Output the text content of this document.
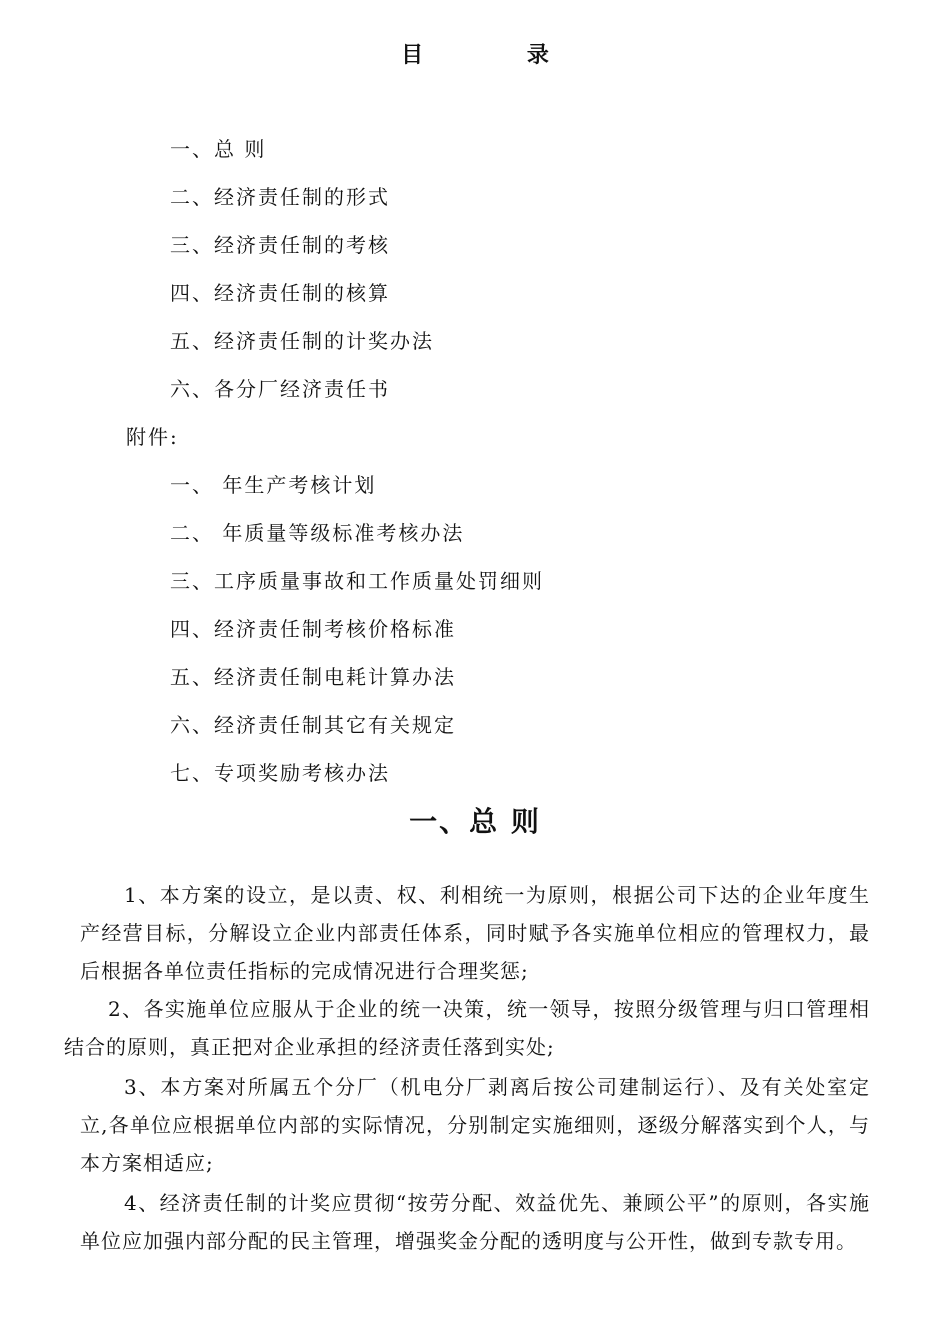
目 录
一、总 则
二、经济责任制的形式
三、经济责任制的考核
四、经济责任制的核算
五、经济责任制的计奖办法
六、各分厂经济责任书
附件:
一、 年生产考核计划
二、 年质量等级标准考核办法
三、工序质量事故和工作质量处罚细则
四、经济责任制考核价格标准
五、经济责任制电耗计算办法
六、经济责任制其它有关规定
七、专项奖励考核办法
一、总 则
1、本方案的设立，是以责、权、利相统一为原则，根据公司下达的企业年度生产经营目标，分解设立企业内部责任体系，同时赋予各实施单位相应的管理权力，最后根据各单位责任指标的完成情况进行合理奖惩;
2、各实施单位应服从于企业的统一决策，统一领导，按照分级管理与归口管理相结合的原则，真正把对企业承担的经济责任落到实处;
3、本方案对所属五个分厂（机电分厂剥离后按公司建制运行）、及有关处室定立,各单位应根据单位内部的实际情况，分别制定实施细则，逐级分解落实到个人，与本方案相适应;
4、经济责任制的计奖应贯彻“按劳分配、效益优先、兼顾公平”的原则，各实施单位应加强内部分配的民主管理，增强奖金分配的透明度与公开性，做到专款专用。
